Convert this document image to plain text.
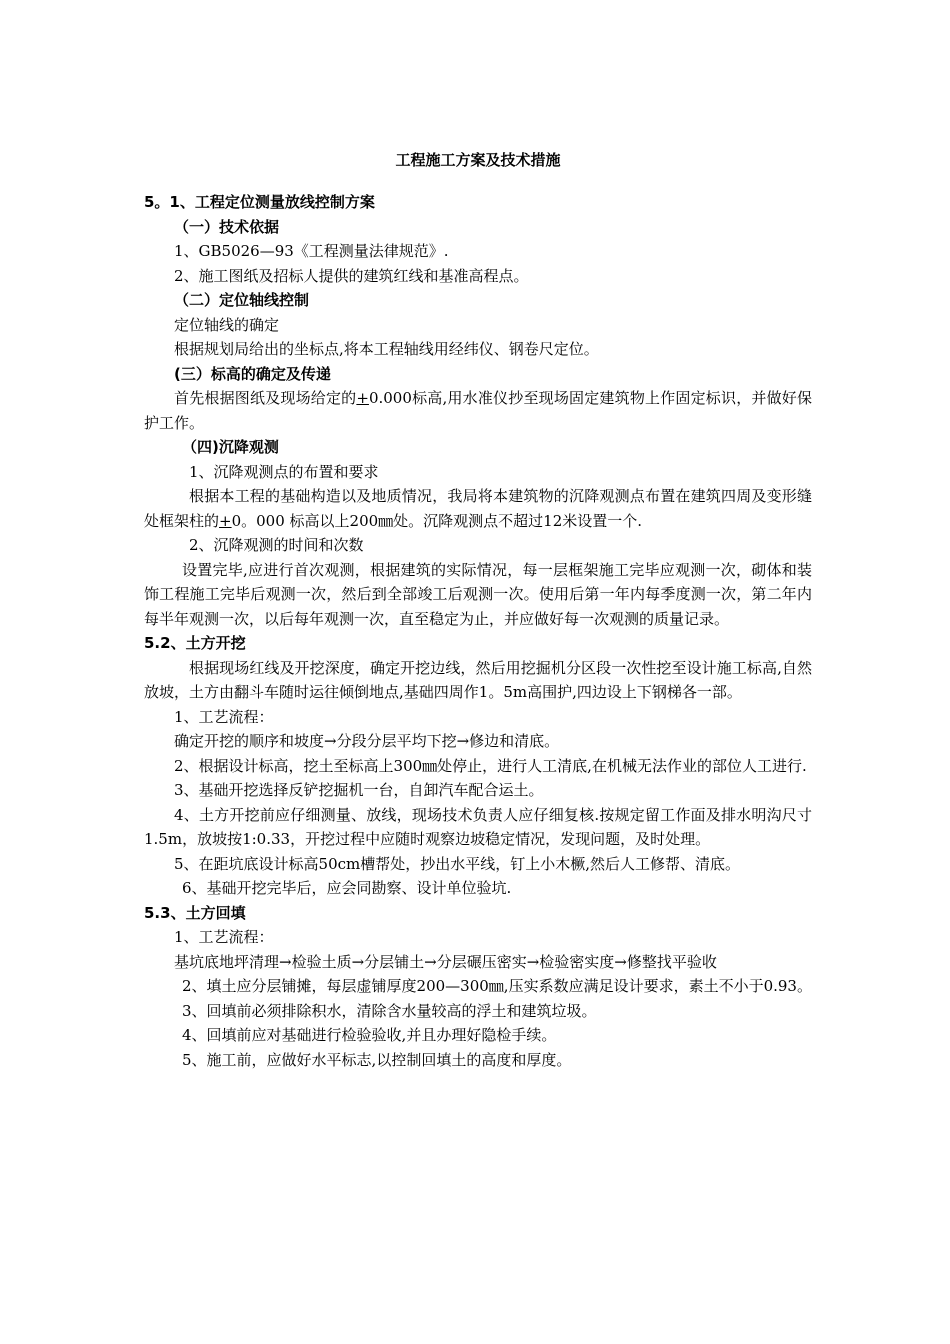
工程施工方案及技术措施

5。1、工程定位测量放线控制方案

（一）技术依据

1、GB5026—93《工程测量法律规范》.

2、施工图纸及招标人提供的建筑红线和基准高程点。

（二）定位轴线控制

定位轴线的确定

根据规划局给出的坐标点,将本工程轴线用经纬仪、钢卷尺定位。

(三）标高的确定及传递

首先根据图纸及现场给定的+0.000标高,用水准仪抄至现场固定建筑物上作固定标识，并做好保护工作。

（四)沉降观测

1、沉降观测点的布置和要求

根据本工程的基础构造以及地质情况，我局将本建筑物的沉降观测点布置在建筑四周及变形缝处框架柱的+0。000 标高以上200㎜处。沉降观测点不超过12米设置一个.

2、沉降观测的时间和次数

设置完毕,应进行首次观测，根据建筑的实际情况，每一层框架施工完毕应观测一次，砌体和装饰工程施工完毕后观测一次，然后到全部竣工后观测一次。使用后第一年内每季度测一次，第二年内每半年观测一次，以后每年观测一次，直至稳定为止，并应做好每一次观测的质量记录。

5.2、土方开挖

根据现场红线及开挖深度，确定开挖边线，然后用挖掘机分区段一次性挖至设计施工标高,自然放坡，土方由翻斗车随时运往倾倒地点,基础四周作1。5m高围护,四边设上下钢梯各一部。

1、工艺流程：

确定开挖的顺序和坡度→分段分层平均下挖→修边和清底。

2、根据设计标高，挖土至标高上300㎜处停止，进行人工清底,在机械无法作业的部位人工进行.

3、基础开挖选择反铲挖掘机一台，自卸汽车配合运土。

4、土方开挖前应仔细测量、放线，现场技术负责人应仔细复核.按规定留工作面及排水明沟尺寸1.5m，放坡按1:0.33，开挖过程中应随时观察边坡稳定情况，发现问题，及时处理。

5、在距坑底设计标高50cm槽帮处，抄出水平线，钉上小木橛,然后人工修帮、清底。

6、基础开挖完毕后，应会同勘察、设计单位验坑.

5.3、土方回填

1、工艺流程：

基坑底地坪清理→检验土质→分层铺土→分层碾压密实→检验密实度→修整找平验收

2、填土应分层铺摊，每层虚铺厚度200—300㎜,压实系数应满足设计要求，素土不小于0.93。

3、回填前必须排除积水，清除含水量较高的浮土和建筑垃圾。

4、回填前应对基础进行检验验收,并且办理好隐检手续。

5、施工前，应做好水平标志,以控制回填土的高度和厚度。
